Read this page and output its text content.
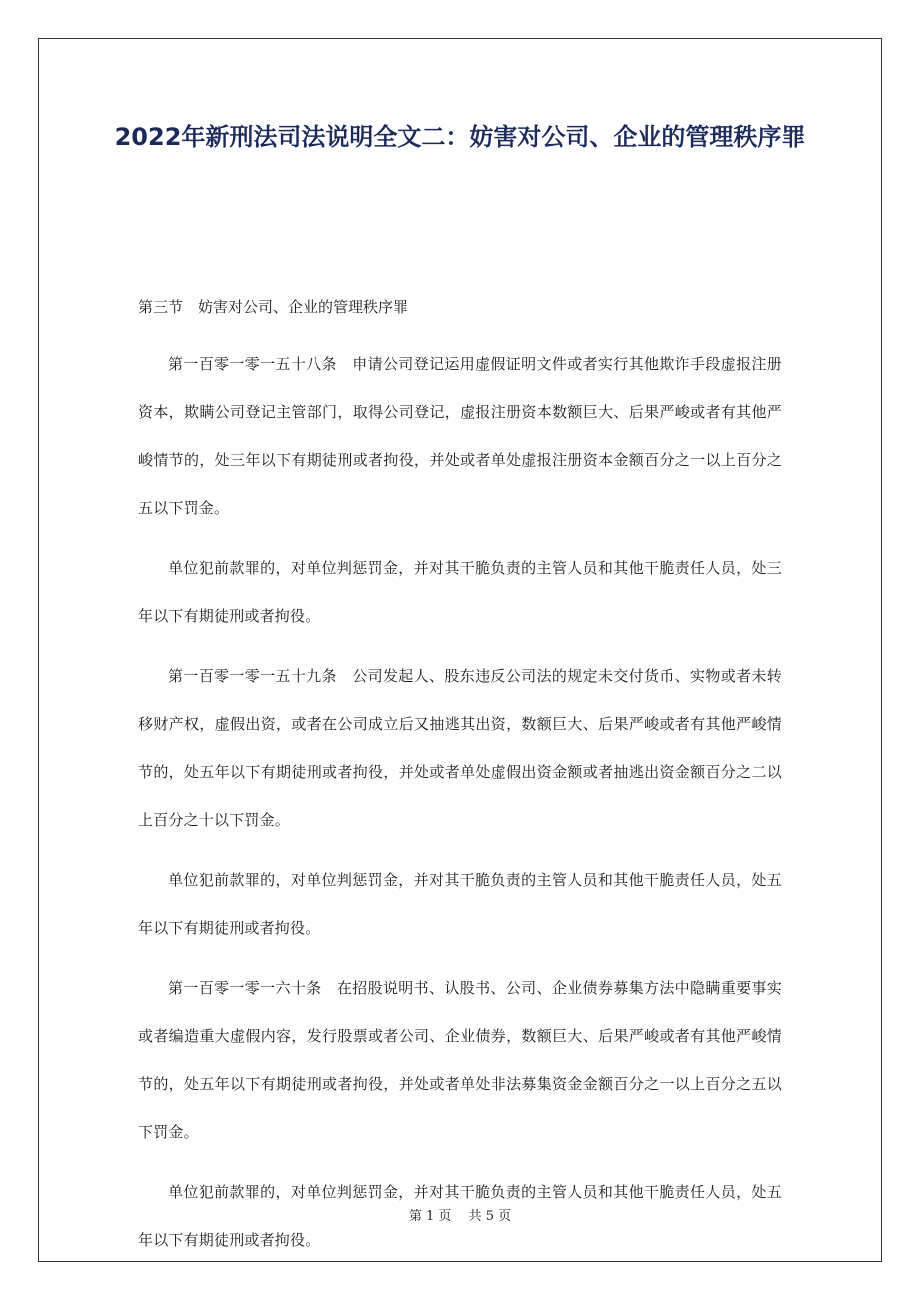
2022年新刑法司法说明全文二：妨害对公司、企业的管理秩序罪

第三节　妨害对公司、企业的管理秩序罪

第一百零一零一五十八条　申请公司登记运用虚假证明文件或者实行其他欺诈手段虚报注册资本，欺瞒公司登记主管部门，取得公司登记，虚报注册资本数额巨大、后果严峻或者有其他严峻情节的，处三年以下有期徒刑或者拘役，并处或者单处虚报注册资本金额百分之一以上百分之五以下罚金。

单位犯前款罪的，对单位判惩罚金，并对其干脆负责的主管人员和其他干脆责任人员，处三年以下有期徒刑或者拘役。

第一百零一零一五十九条　公司发起人、股东违反公司法的规定未交付货币、实物或者未转移财产权，虚假出资，或者在公司成立后又抽逃其出资，数额巨大、后果严峻或者有其他严峻情节的，处五年以下有期徒刑或者拘役，并处或者单处虚假出资金额或者抽逃出资金额百分之二以上百分之十以下罚金。

单位犯前款罪的，对单位判惩罚金，并对其干脆负责的主管人员和其他干脆责任人员，处五年以下有期徒刑或者拘役。

第一百零一零一六十条　在招股说明书、认股书、公司、企业债券募集方法中隐瞒重要事实或者编造重大虚假内容，发行股票或者公司、企业债券，数额巨大、后果严峻或者有其他严峻情节的，处五年以下有期徒刑或者拘役，并处或者单处非法募集资金金额百分之一以上百分之五以下罚金。

单位犯前款罪的，对单位判惩罚金，并对其干脆负责的主管人员和其他干脆责任人员，处五年以下有期徒刑或者拘役。

第 1 页　 共 5 页
